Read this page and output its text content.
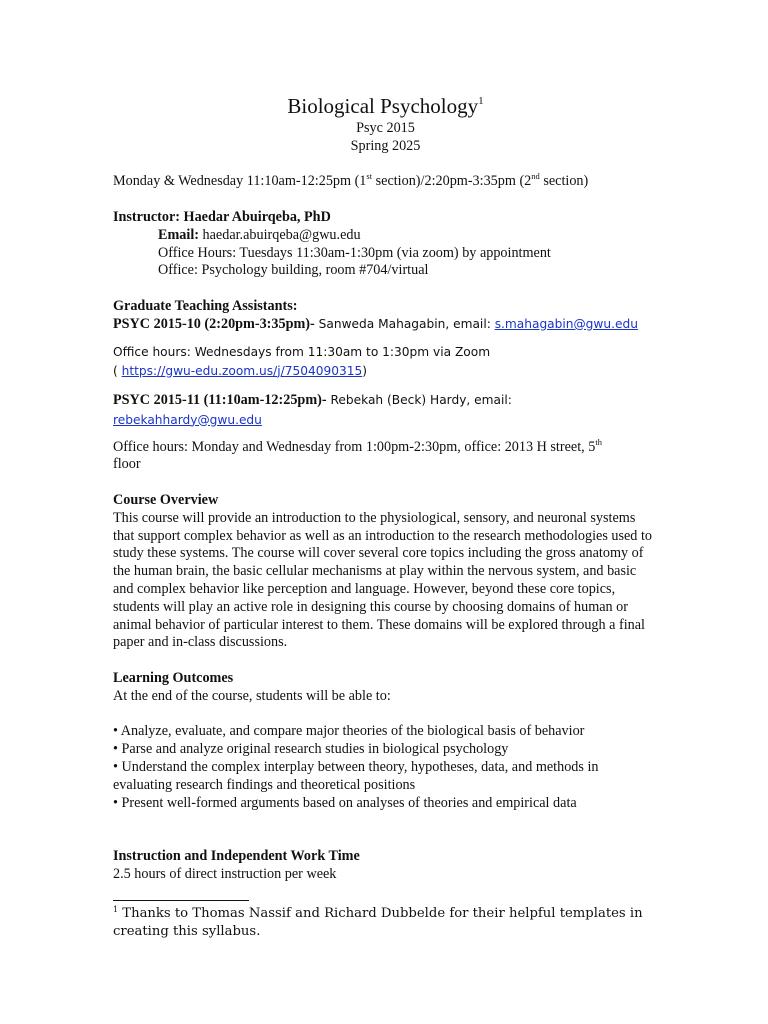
Biological Psychology$^1$
Psyc 2015
Spring 2025
Monday & Wednesday 11:10am-12:25pm (1st section)/2:20pm-3:35pm (2nd section)
Instructor: Haedar Abuirqeba, PhD
Email: haedar.abuirqeba@gwu.edu
Office Hours: Tuesdays 11:30am-1:30pm (via zoom) by appointment
Office: Psychology building, room #704/virtual
Graduate Teaching Assistants:
PSYC 2015-10 (2:20pm-3:35pm)- Sanweda Mahagabin, email: s.mahagabin@gwu.edu
Office hours: Wednesdays from 11:30am to 1:30pm via Zoom
( https://gwu-edu.zoom.us/j/7504090315)
PSYC 2015-11 (11:10am-12:25pm)- Rebekah (Beck) Hardy, email: rebekahhardy@gwu.edu
Office hours: Monday and Wednesday from 1:00pm-2:30pm, office: 2013 H street, 5th
floor
Course Overview

This course will provide an introduction to the physiological, sensory, and neuronal systems that support complex behavior as well as an introduction to the research methodologies used to study these systems. The course will cover several core topics including the gross anatomy of the human brain, the basic cellular mechanisms at play within the nervous system, and basic and complex behavior like perception and language. However, beyond these core topics, students will play an active role in designing this course by choosing domains of human or animal behavior of particular interest to them. These domains will be explored through a final paper and in-class discussions.

Learning Outcomes
At the end of the course, students will be able to:
• Analyze, evaluate, and compare major theories of the biological basis of behavior
• Parse and analyze original research studies in biological psychology
• Understand the complex interplay between theory, hypotheses, data, and methods in evaluating research findings and theoretical positions
• Present well-formed arguments based on analyses of theories and empirical data
Instruction and Independent Work Time
2.5 hours of direct instruction per week
$^1$ Thanks to Thomas Nassif and Richard Dubbelde for their helpful templates in creating this syllabus.
